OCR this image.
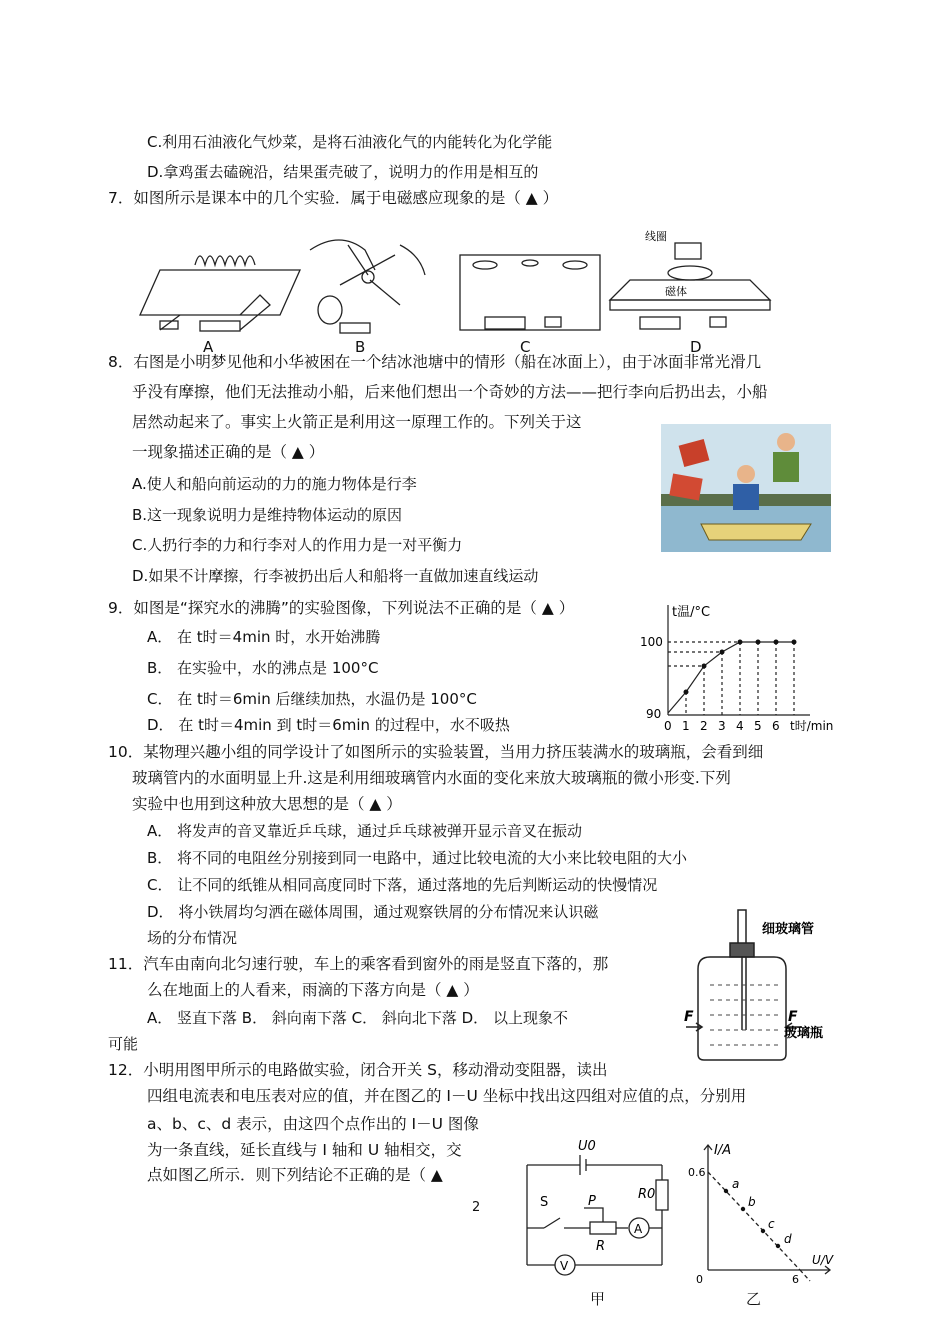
C.利用石油液化气炒菜，是将石油液化气的内能转化为化学能
D.拿鸡蛋去磕碗沿，结果蛋壳破了，说明力的作用是相互的
7．如图所示是课本中的几个实验．属于电磁感应现象的是（ ▲ ）
线圈
磁体
A	B	C	D
8．右图是小明梦见他和小华被困在一个结冰池塘中的情形（船在冰面上），由于冰面非常光滑几
乎没有摩擦，他们无法推动小船，后来他们想出一个奇妙的方法——把行李向后扔出去，小船
居然动起来了。事实上火箭正是利用这一原理工作的。下列关于这
一现象描述正确的是（ ▲ ）
A.使人和船向前运动的力的施力物体是行李
B.这一现象说明力是维持物体运动的原因
C.人扔行李的力和行李对人的作用力是一对平衡力
D.如果不计摩擦，行李被扔出后人和船将一直做加速直线运动
9．如图是“探究水的沸腾”的实验图像，下列说法不正确的是（ ▲ ）
A． 在 t时＝4min 时，水开始沸腾
B． 在实验中，水的沸点是 100°C
C． 在 t时＝6min 后继续加热，水温仍是 100°C
D． 在 t时＝4min 到 t时＝6min 的过程中，水不吸热
t温/°C
100
90
0 1 2 3 4 5 6 t时/min
10．某物理兴趣小组的同学设计了如图所示的实验装置，当用力挤压装满水的玻璃瓶，会看到细
玻璃管内的水面明显上升.这是利用细玻璃管内水面的变化来放大玻璃瓶的微小形变.下列
实验中也用到这种放大思想的是（ ▲ ）
A． 将发声的音叉靠近乒乓球，通过乒乓球被弹开显示音叉在振动
B． 将不同的电阻丝分别接到同一电路中，通过比较电流的大小来比较电阻的大小
C． 让不同的纸锥从相同高度同时下落，通过落地的先后判断运动的快慢情况
D． 将小铁屑均匀洒在磁体周围，通过观察铁屑的分布情况来认识磁
场的分布情况	细玻璃管
玻璃瓶
F	F
11．汽车由南向北匀速行驶，车上的乘客看到窗外的雨是竖直下落的，那
么在地面上的人看来，雨滴的下落方向是（ ▲ ）
A． 竖直下落 B． 斜向南下落 C． 斜向北下落 D． 以上现象不
可能
12．小明用图甲所示的电路做实验，闭合开关 S，移动滑动变阻器，读出
四组电流表和电压表对应的值，并在图乙的 I－U 坐标中找出这四组对应值的点，分别用
a、b、c、d 表示，由这四个点作出的 I－U 图像
为一条直线，延长直线与 I 轴和 U 轴相交，交
点如图乙所示．则下列结论不正确的是（ ▲
U0
S	P
R
R0
A
V
甲
I/A
0.6
0	6
U/V
a
b
c
d
乙
2
